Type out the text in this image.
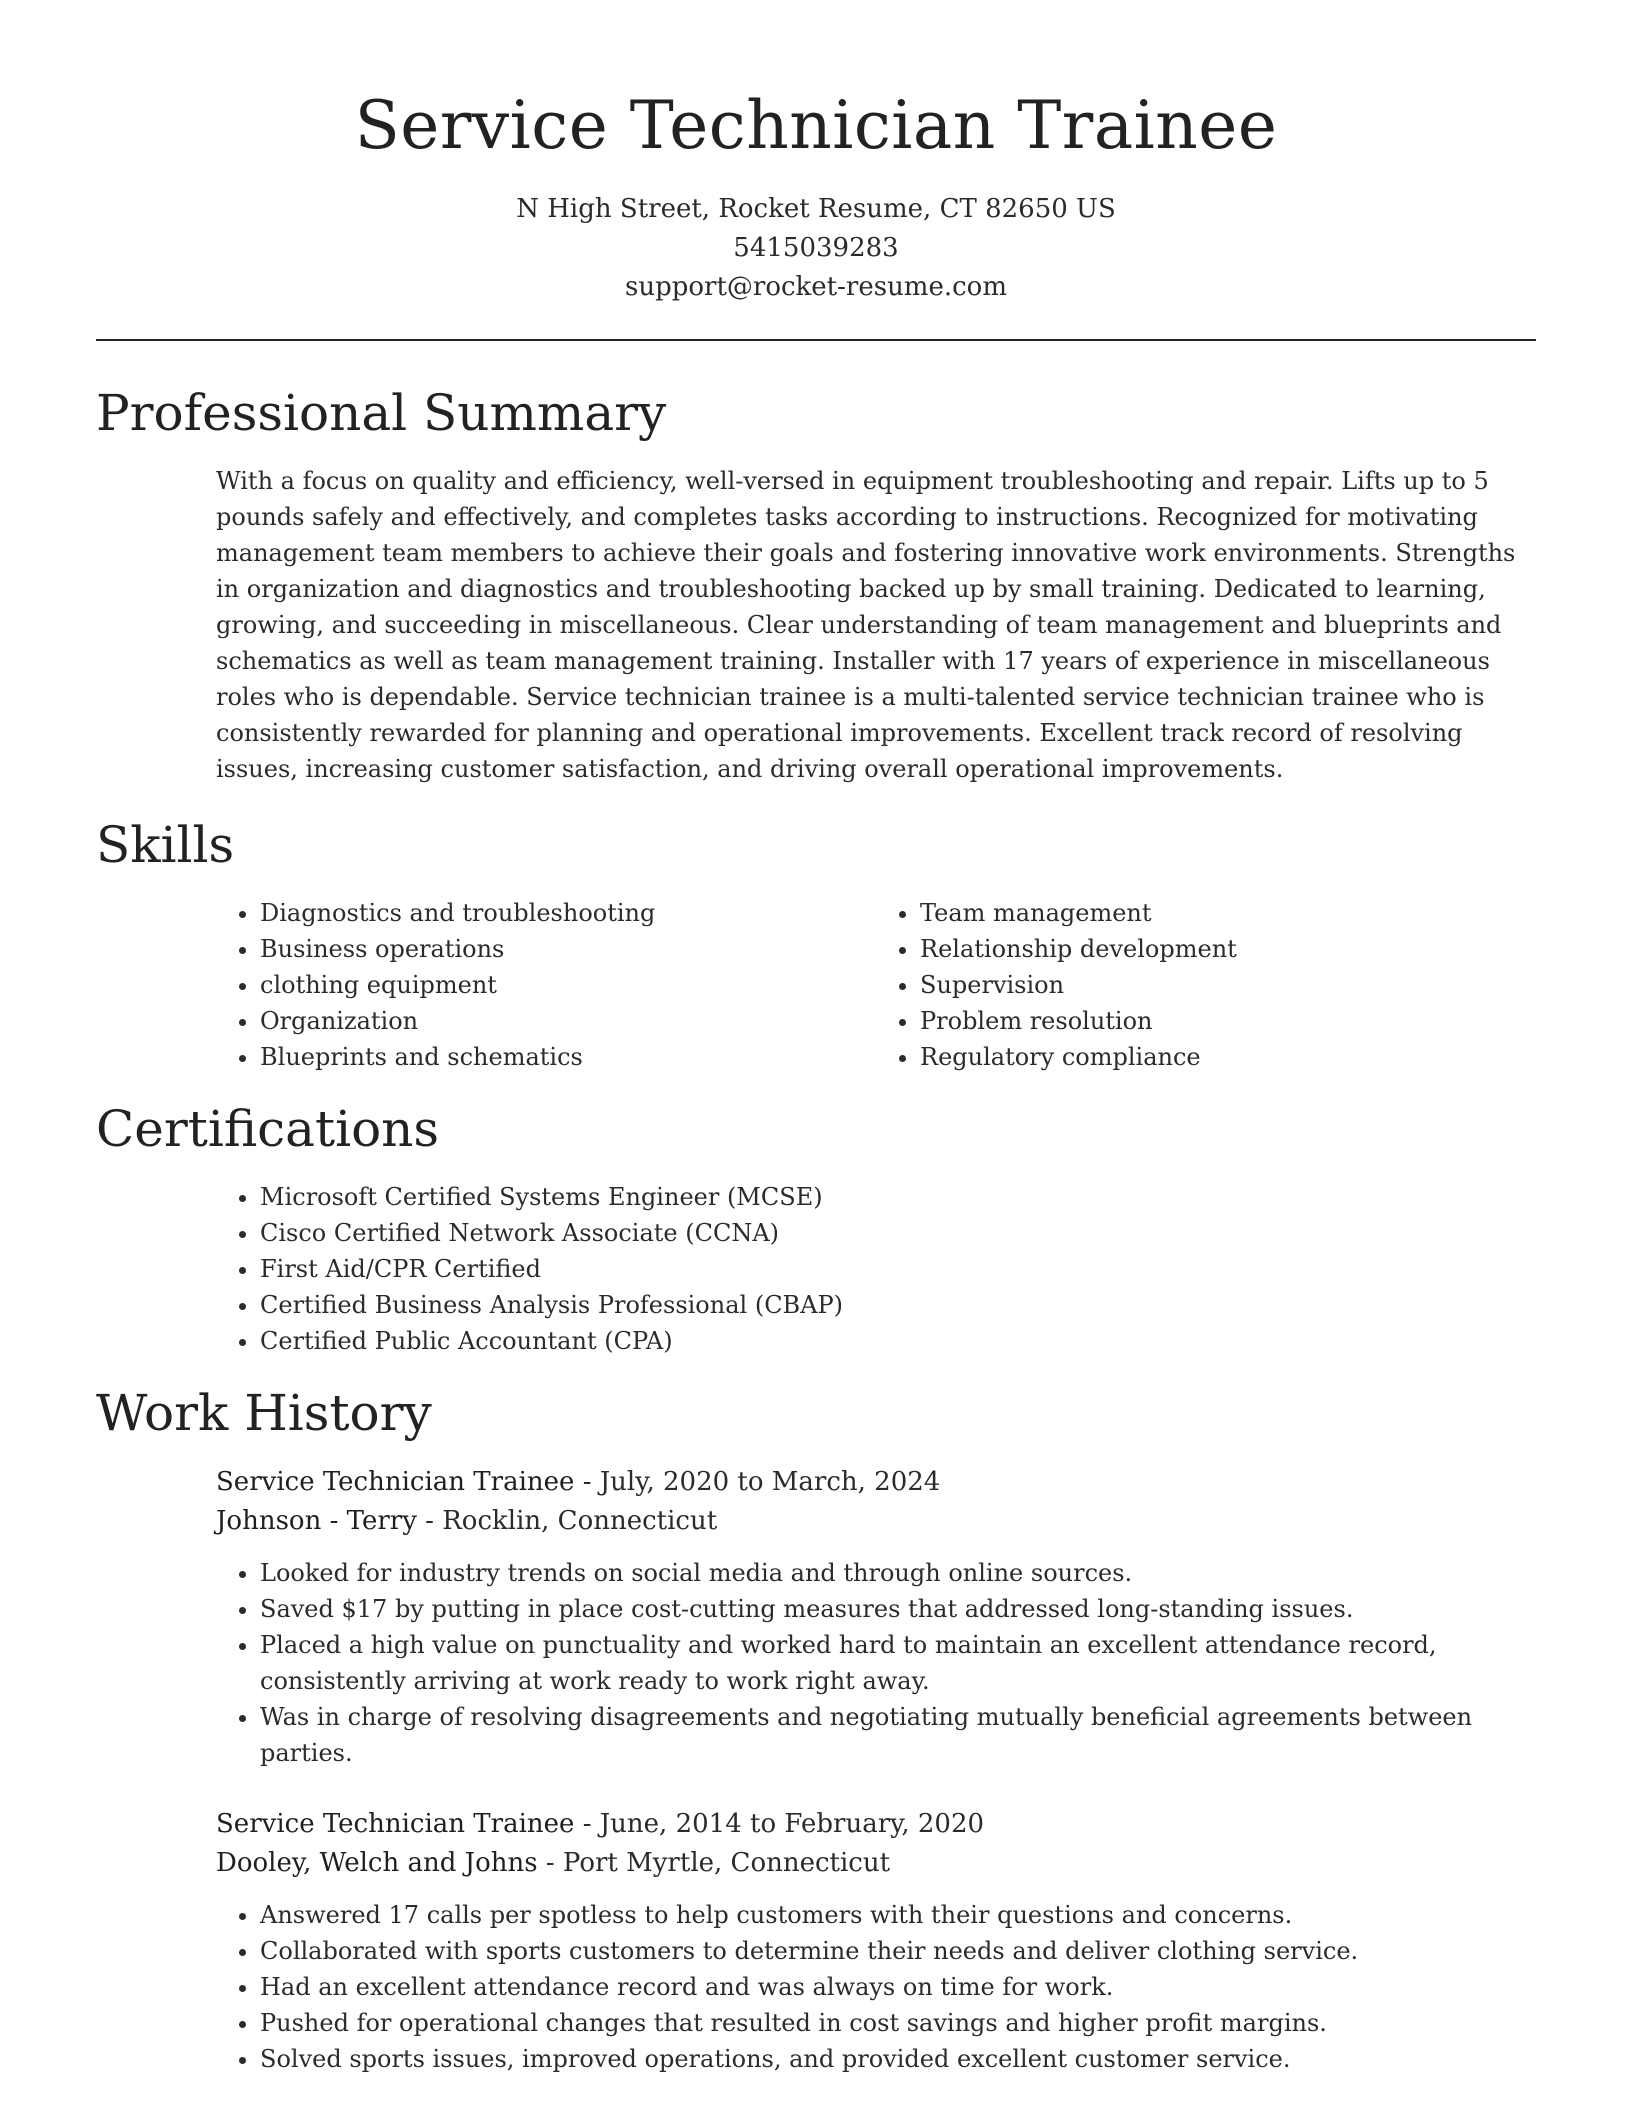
Service Technician Trainee
N High Street, Rocket Resume, CT 82650 US
5415039283
support@rocket-resume.com
Professional Summary

With a focus on quality and efficiency, well-versed in equipment troubleshooting and repair. Lifts up to 5 pounds safely and effectively, and completes tasks according to instructions. Recognized for motivating management team members to achieve their goals and fostering innovative work environments. Strengths in organization and diagnostics and troubleshooting backed up by small training. Dedicated to learning, growing, and succeeding in miscellaneous. Clear understanding of team management and blueprints and schematics as well as team management training. Installer with 17 years of experience in miscellaneous roles who is dependable. Service technician trainee is a multi-talented service technician trainee who is consistently rewarded for planning and operational improvements. Excellent track record of resolving issues, increasing customer satisfaction, and driving overall operational improvements.

Skills
• Diagnostics and troubleshooting
• Business operations
• clothing equipment
• Organization
• Blueprints and schematics
• Team management
• Relationship development
• Supervision
• Problem resolution
• Regulatory compliance
Certifications
• Microsoft Certified Systems Engineer (MCSE)
• Cisco Certified Network Associate (CCNA)
• First Aid/CPR Certified
• Certified Business Analysis Professional (CBAP)
• Certified Public Accountant (CPA)
Work History
Service Technician Trainee - July, 2020 to March, 2024
Johnson - Terry - Rocklin, Connecticut
• Looked for industry trends on social media and through online sources.
• Saved $17 by putting in place cost-cutting measures that addressed long-standing issues.
• Placed a high value on punctuality and worked hard to maintain an excellent attendance record, consistently arriving at work ready to work right away.
• Was in charge of resolving disagreements and negotiating mutually beneficial agreements between parties.
Service Technician Trainee - June, 2014 to February, 2020
Dooley, Welch and Johns - Port Myrtle, Connecticut
• Answered 17 calls per spotless to help customers with their questions and concerns.
• Collaborated with sports customers to determine their needs and deliver clothing service.
• Had an excellent attendance record and was always on time for work.
• Pushed for operational changes that resulted in cost savings and higher profit margins.
• Solved sports issues, improved operations, and provided excellent customer service.
